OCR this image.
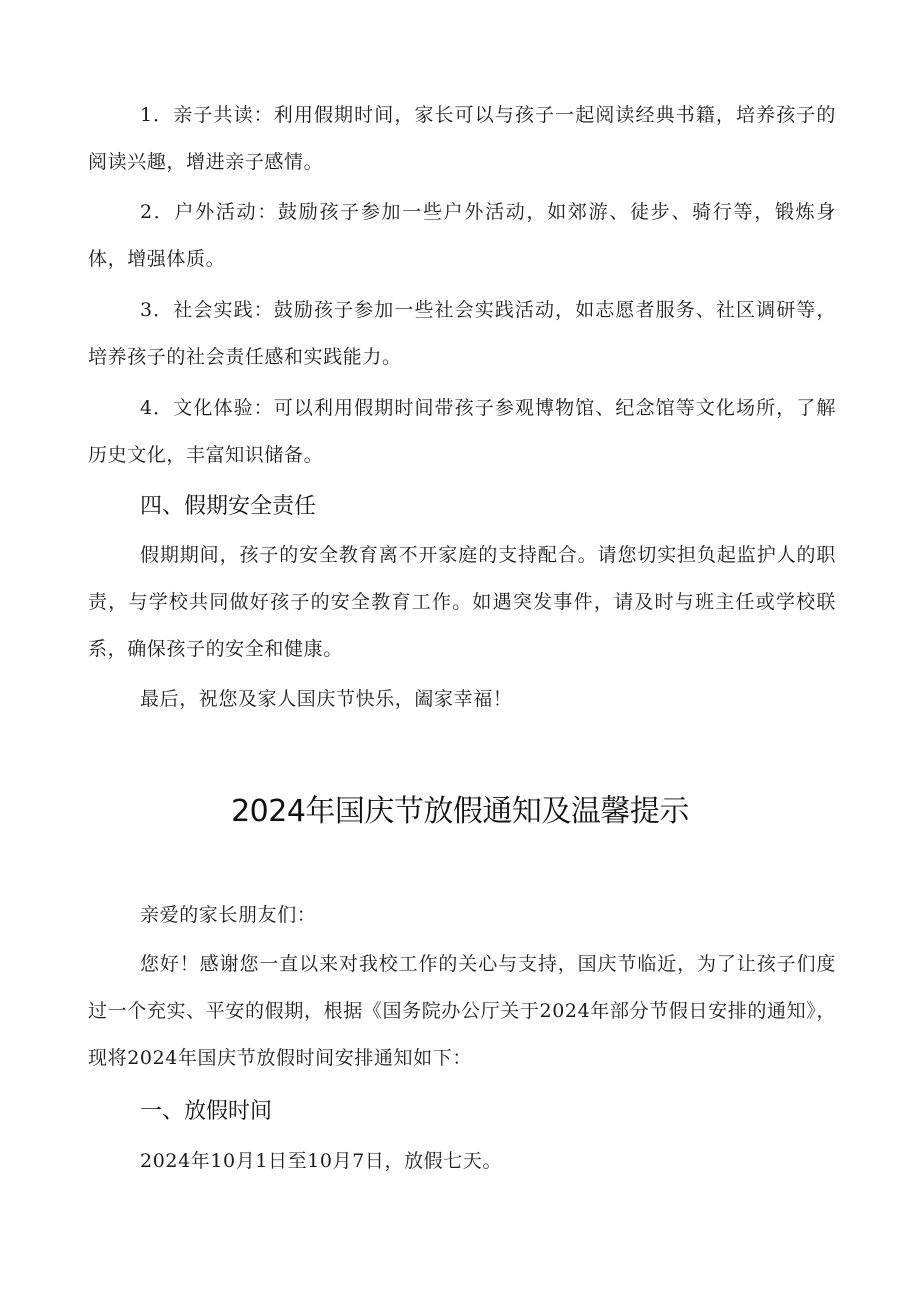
1．亲子共读：利用假期时间，家长可以与孩子一起阅读经典书籍，培养孩子的阅读兴趣，增进亲子感情。

2．户外活动：鼓励孩子参加一些户外活动，如郊游、徒步、骑行等，锻炼身体，增强体质。

3．社会实践：鼓励孩子参加一些社会实践活动，如志愿者服务、社区调研等，培养孩子的社会责任感和实践能力。

4．文化体验：可以利用假期时间带孩子参观博物馆、纪念馆等文化场所，了解历史文化，丰富知识储备。

四、假期安全责任

假期期间，孩子的安全教育离不开家庭的支持配合。请您切实担负起监护人的职责，与学校共同做好孩子的安全教育工作。如遇突发事件，请及时与班主任或学校联系，确保孩子的安全和健康。

最后，祝您及家人国庆节快乐，阖家幸福！

2024年国庆节放假通知及温馨提示

亲爱的家长朋友们：

您好！感谢您一直以来对我校工作的关心与支持，国庆节临近，为了让孩子们度过一个充实、平安的假期，根据《国务院办公厅关于2024年部分节假日安排的通知》，现将2024年国庆节放假时间安排通知如下：

一、放假时间

2024年10月1日至10月7日，放假七天。
